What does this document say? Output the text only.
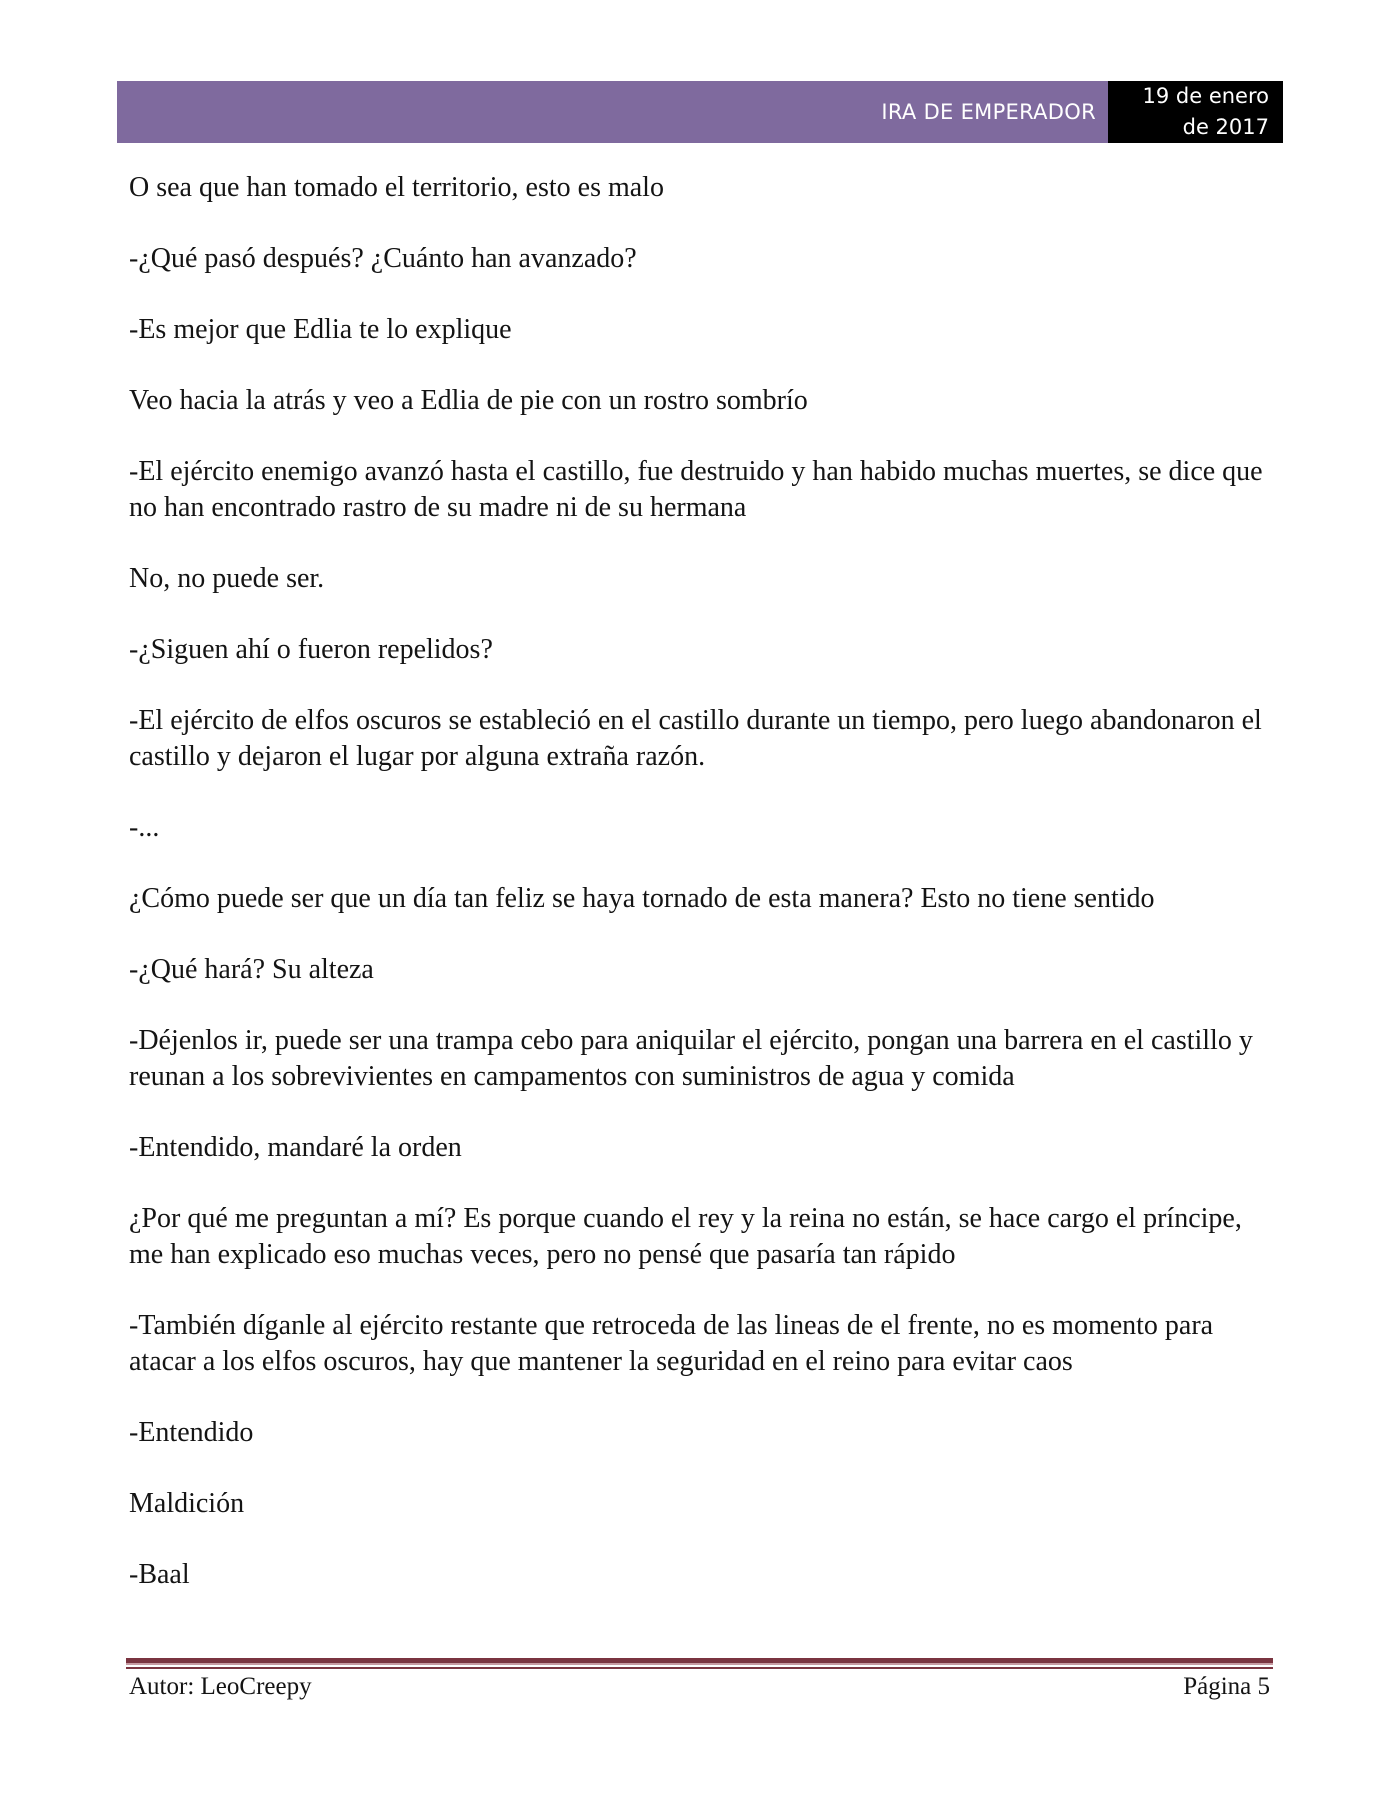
IRA DE EMPERADOR
19 de enero
de 2017

O sea que han tomado el territorio, esto es malo

-¿Qué pasó después? ¿Cuánto han avanzado?

-Es mejor que Edlia te lo explique

Veo hacia la atrás y veo a Edlia de pie con un rostro sombrío

-El ejército enemigo avanzó hasta el castillo, fue destruido y han habido muchas muertes, se dice que no han encontrado rastro de su madre ni de su hermana

No, no puede ser.

-¿Siguen ahí o fueron repelidos?

-El ejército de elfos oscuros se estableció en el castillo durante un tiempo, pero luego abandonaron el castillo y dejaron el lugar por alguna extraña razón.

-...

¿Cómo puede ser que un día tan feliz se haya tornado de esta manera? Esto no tiene sentido

-¿Qué hará? Su alteza

-Déjenlos ir, puede ser una trampa cebo para aniquilar el ejército, pongan una barrera en el castillo y reunan a los sobrevivientes en campamentos con suministros de agua y comida

-Entendido, mandaré la orden

¿Por qué me preguntan a mí? Es porque cuando el rey y la reina no están, se hace cargo el príncipe, me han explicado eso muchas veces, pero no pensé que pasaría tan rápido

-También díganle al ejército restante que retroceda de las lineas de el frente, no es momento para atacar a los elfos oscuros, hay que mantener la seguridad en el reino para evitar caos

-Entendido

Maldición

-Baal

Autor: LeoCreepy	Página 5
